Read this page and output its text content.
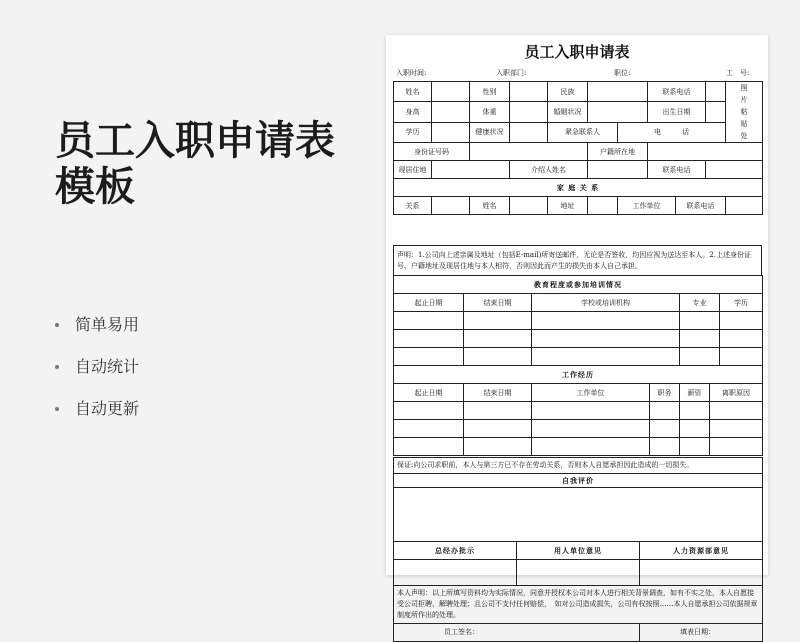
员工入职申请表
模板
简单易用
自动统计
自动更新
员工入职申请表
入职时间:	入职部门:	职位:	工　号:
姓名		性别		民族			联系电话			照片粘贴处

身高		体重		婚姻状况			出生日期			
学历		健康状况		紧急联系人		电　　　话				
身份证号码					户籍所在地					
现居住地			介绍人姓名				联系电话			
家 庭 关 系										
关系		姓名		地址		工作单位		联系电话		
声明：1.公司向上述亲属及地址（包括E-mail)所寄送邮件，无论是否签收，均因应视为送达至本人。2.上述身份证号、户籍地址及现居住地与本人相符，否则因此而产生的损失由本人自己承担。
教育程度或参加培训情况				
起止日期	结束日期	学校或培训机构	专业	学历

工作经历					
起止日期	结束日期	工作单位	职务	薪资	离职原因

保证:向公司求职前，本人与第三方已不存在劳动关系，否则本人自愿承担因此造成的一切损失。		
自我评价		

总经办批示	用人单位意见	人力资源部意见

本人声明：以上所填写资料均为实际情况，同意并授权本公司对本人进行相关背景调查，如有不实之处，本人自愿接受公司拒聘、解聘处理；且公司不支付任何赔偿，　如对公司造成损失，公司有权按照……本人自愿承担公司依据规章制度所作出的处理。		
员工签名：		填表日期：
